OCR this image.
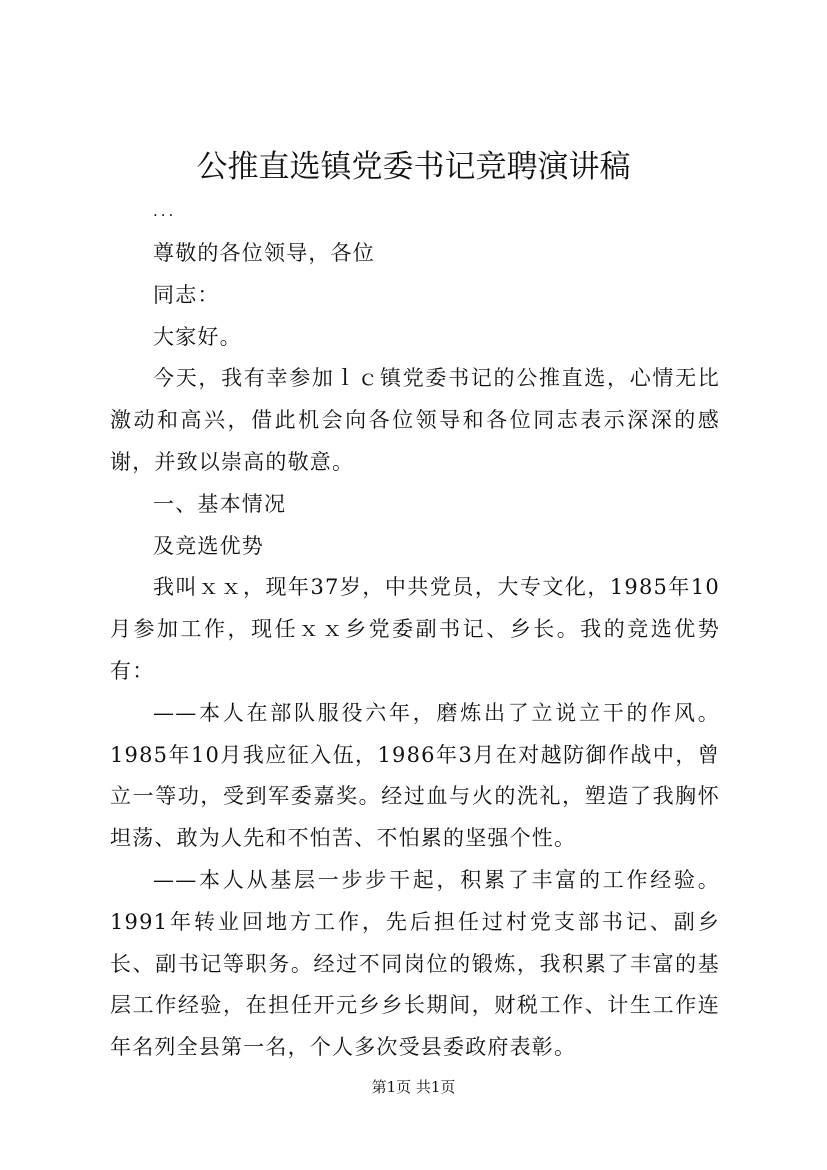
公推直选镇党委书记竞聘演讲稿
...

尊敬的各位领导，各位

同志：

大家好。

今天，我有幸参加ｌｃ镇党委书记的公推直选，心情无比激动和高兴，借此机会向各位领导和各位同志表示深深的感谢，并致以崇高的敬意。

一、基本情况

及竞选优势

我叫ｘｘ，现年37岁，中共党员，大专文化，1985年10月参加工作，现任ｘｘ乡党委副书记、乡长。我的竞选优势有：

——本人在部队服役六年，磨炼出了立说立干的作风。1985年10月我应征入伍，1986年3月在对越防御作战中，曾立一等功，受到军委嘉奖。经过血与火的洗礼，塑造了我胸怀坦荡、敢为人先和不怕苦、不怕累的坚强个性。

——本人从基层一步步干起，积累了丰富的工作经验。1991年转业回地方工作，先后担任过村党支部书记、副乡长、副书记等职务。经过不同岗位的锻炼，我积累了丰富的基层工作经验，在担任开元乡乡长期间，财税工作、计生工作连年名列全县第一名，个人多次受县委政府表彰。

第1页 共1页
